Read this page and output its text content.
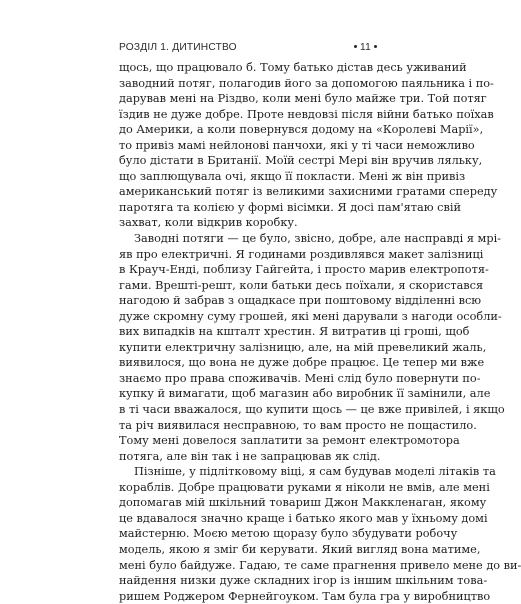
РОЗДІЛ 1. ДИТИНСТВО	11
щось, що працювало б. Тому батько дістав десь уживаний
заводний потяг, полагодив його за допомогою паяльника і по-
дарував мені на Різдво, коли мені було майже три. Той потяг
їздив не дуже добре. Проте невдовзі після війни батько поїхав
до Америки, а коли повернувся додому на «Королеві Марії»,
то привіз мамі нейлонові панчохи, які у ті часи неможливо
було дістати в Британії. Моїй сестрі Мері він вручив ляльку,
що заплющувала очі, якщо її покласти. Мені ж він привіз
американський потяг із великими захисними гратами спереду
паротяга та колією у формі вісімки. Я досі пам'ятаю свій
захват, коли відкрив коробку.
Заводні потяги — це було, звісно, добре, але насправді я мрі-
яв про електричні. Я годинами роздивлявся макет залізниці
в Крауч-Енді, поблизу Гайгейта, і просто марив електропотя-
гами. Врешті-решт, коли батьки десь поїхали, я скористався
нагодою й забрав з ощадкасе при поштовому відділенні всю
дуже скромну суму грошей, які мені дарували з нагоди особли-
вих випадків на кшталт хрестин. Я витратив ці гроші, щоб
купити електричну залізницю, але, на мій превеликий жаль,
виявилося, що вона не дуже добре працює. Це тепер ми вже
знаємо про права споживачів. Мені слід було повернути по-
купку й вимагати, щоб магазин або виробник її замінили, але
в ті часи вважалося, що купити щось — це вже привілей, і якщо
та річ виявилася несправною, то вам просто не пощастило.
Тому мені довелося заплатити за ремонт електромотора
потяга, але він так і не запрацював як слід.
Пізніше, у підлітковому віці, я сам будував моделі літаків та
кораблів. Добре працювати руками я ніколи не вмів, але мені
допомагав мій шкільний товариш Джон Маккленаган, якому
це вдавалося значно краще і батько якого мав у їхньому домі
майстерню. Моєю метою щоразу було збудувати робочу
модель, якою я зміг би керувати. Який вигляд вона матиме,
мені було байдуже. Гадаю, те саме прагнення привело мене до ви-
найдення низки дуже складних ігор із іншим шкільним това-
ришем Роджером Фернейгоуком. Там була гра у виробництво
